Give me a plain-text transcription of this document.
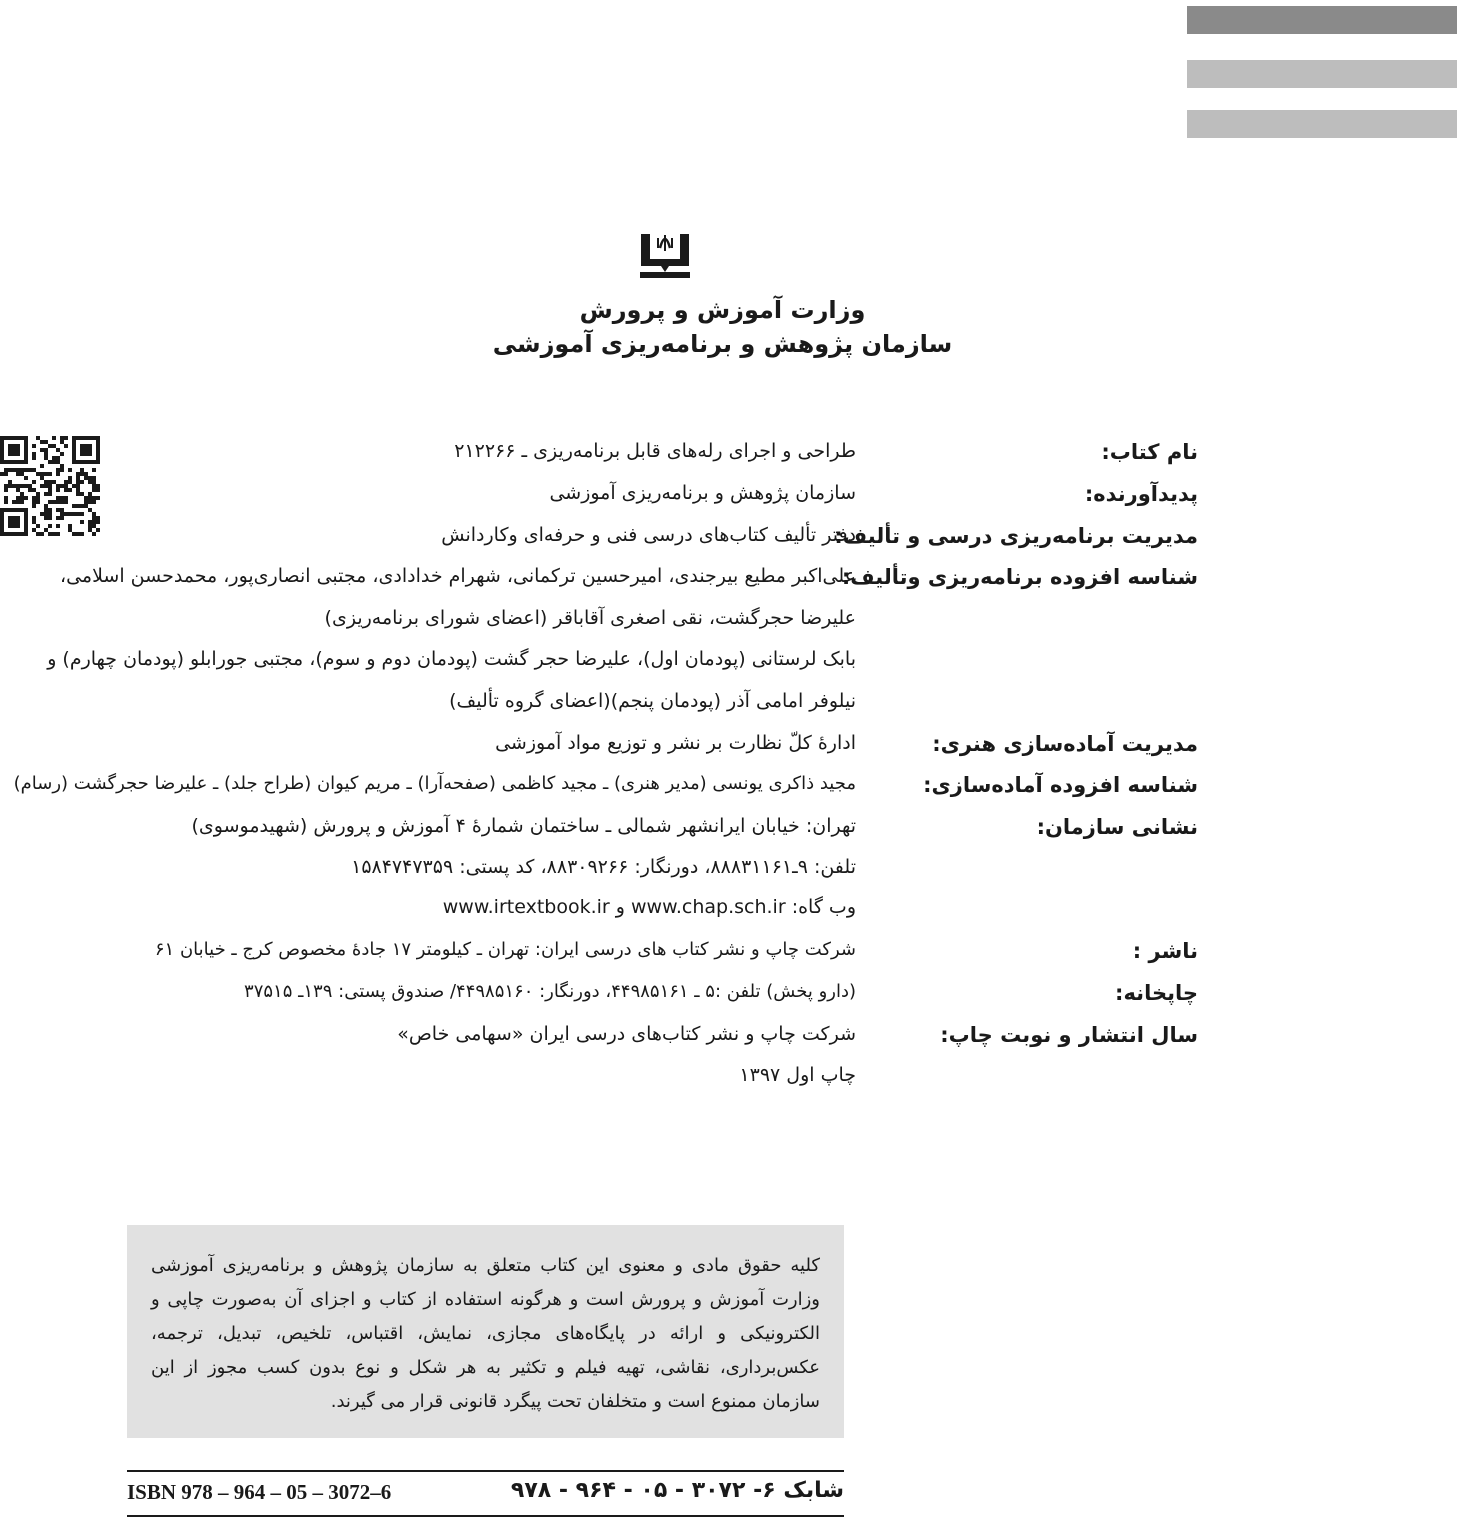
وزارت آموزش و پرورش
سازمان پژوهش و برنامه‌ریزی آموزشی
نام کتاب:
طراحی و اجرای رله‌های قابل برنامه‌ریزی ـ ۲۱۲۲۶۶
پدیدآورنده:
سازمان پژوهش و برنامه‌ریزی آموزشی
مدیریت برنامه‌ریزی درسی و تألیف:
دفتر تألیف کتاب‌های درسی فنی و حرفه‌ای وکاردانش
شناسه افزوده برنامه‌ریزی وتألیف:
علی‌اکبر مطیع بیرجندی، امیرحسین ترکمانی، شهرام خدادادی، مجتبی انصاری‌پور، محمدحسن اسلامی،
علیرضا حجرگشت، نقی اصغری آقاباقر (اعضای شورای برنامه‌ریزی)
بابک لرستانی (پودمان اول)، علیرضا حجر گشت (پودمان دوم و سوم)، مجتبی جورابلو (پودمان چهارم) و
نیلوفر امامی آذر (پودمان پنجم)(اعضای گروه تألیف)
مدیریت آماده‌سازی هنری:
ادارهٔ کلّ نظارت بر نشر و توزیع مواد آموزشی
شناسه افزوده آماده‌سازی:
مجید ذاکری یونسی (مدیر هنری) ـ مجید کاظمی (صفحه‌آرا) ـ مریم کیوان (طراح جلد) ـ علیرضا حجرگشت (رسام)
نشانی سازمان:
تهران: خیابان ایرانشهر شمالی ـ ساختمان شمارهٔ ۴ آموزش و پرورش (شهیدموسوی)
تلفن: ۹ـ۸۸۸۳۱۱۶۱، دورنگار: ۸۸۳۰۹۲۶۶، کد پستی: ۱۵۸۴۷۴۷۳۵۹
وب گاه: www.chap.sch.ir و www.irtextbook.ir
ناشر :
شرکت چاپ و نشر کتاب های درسی ایران: تهران ـ کیلومتر ۱۷ جادهٔ مخصوص کرج ـ خیابان ۶۱
چاپخانه:
(دارو پخش) تلفن :۵ ـ ۴۴۹۸۵۱۶۱، دورنگار: ۴۴۹۸۵۱۶۰/ صندوق پستی: ۱۳۹ـ ۳۷۵۱۵
سال انتشار و نوبت چاپ:
شرکت چاپ و نشر کتاب‌های درسی ایران «سهامی خاص»
چاپ اول ۱۳۹۷
کلیه حقوق مادی و معنوی این کتاب متعلق به سازمان پژوهش و برنامه‌ریزی آموزشی وزارت آموزش و پرورش است و هرگونه استفاده از کتاب و اجزای آن به‌صورت چاپی و الکترونیکی و ارائه در پایگاه‌های مجازی، نمایش، اقتباس، تلخیص، تبدیل، ترجمه، عکس‌برداری، نقاشی، تهیه فیلم و تکثیر به هر شکل و نوع بدون کسب مجوز از این سازمان ممنوع است و متخلفان تحت پیگرد قانونی قرار می گیرند.
ISBN 978 – 964 – 05 – 3072–6	شابک ۶- ۳۰۷۲ - ۰۵ - ۹۶۴ - ۹۷۸
